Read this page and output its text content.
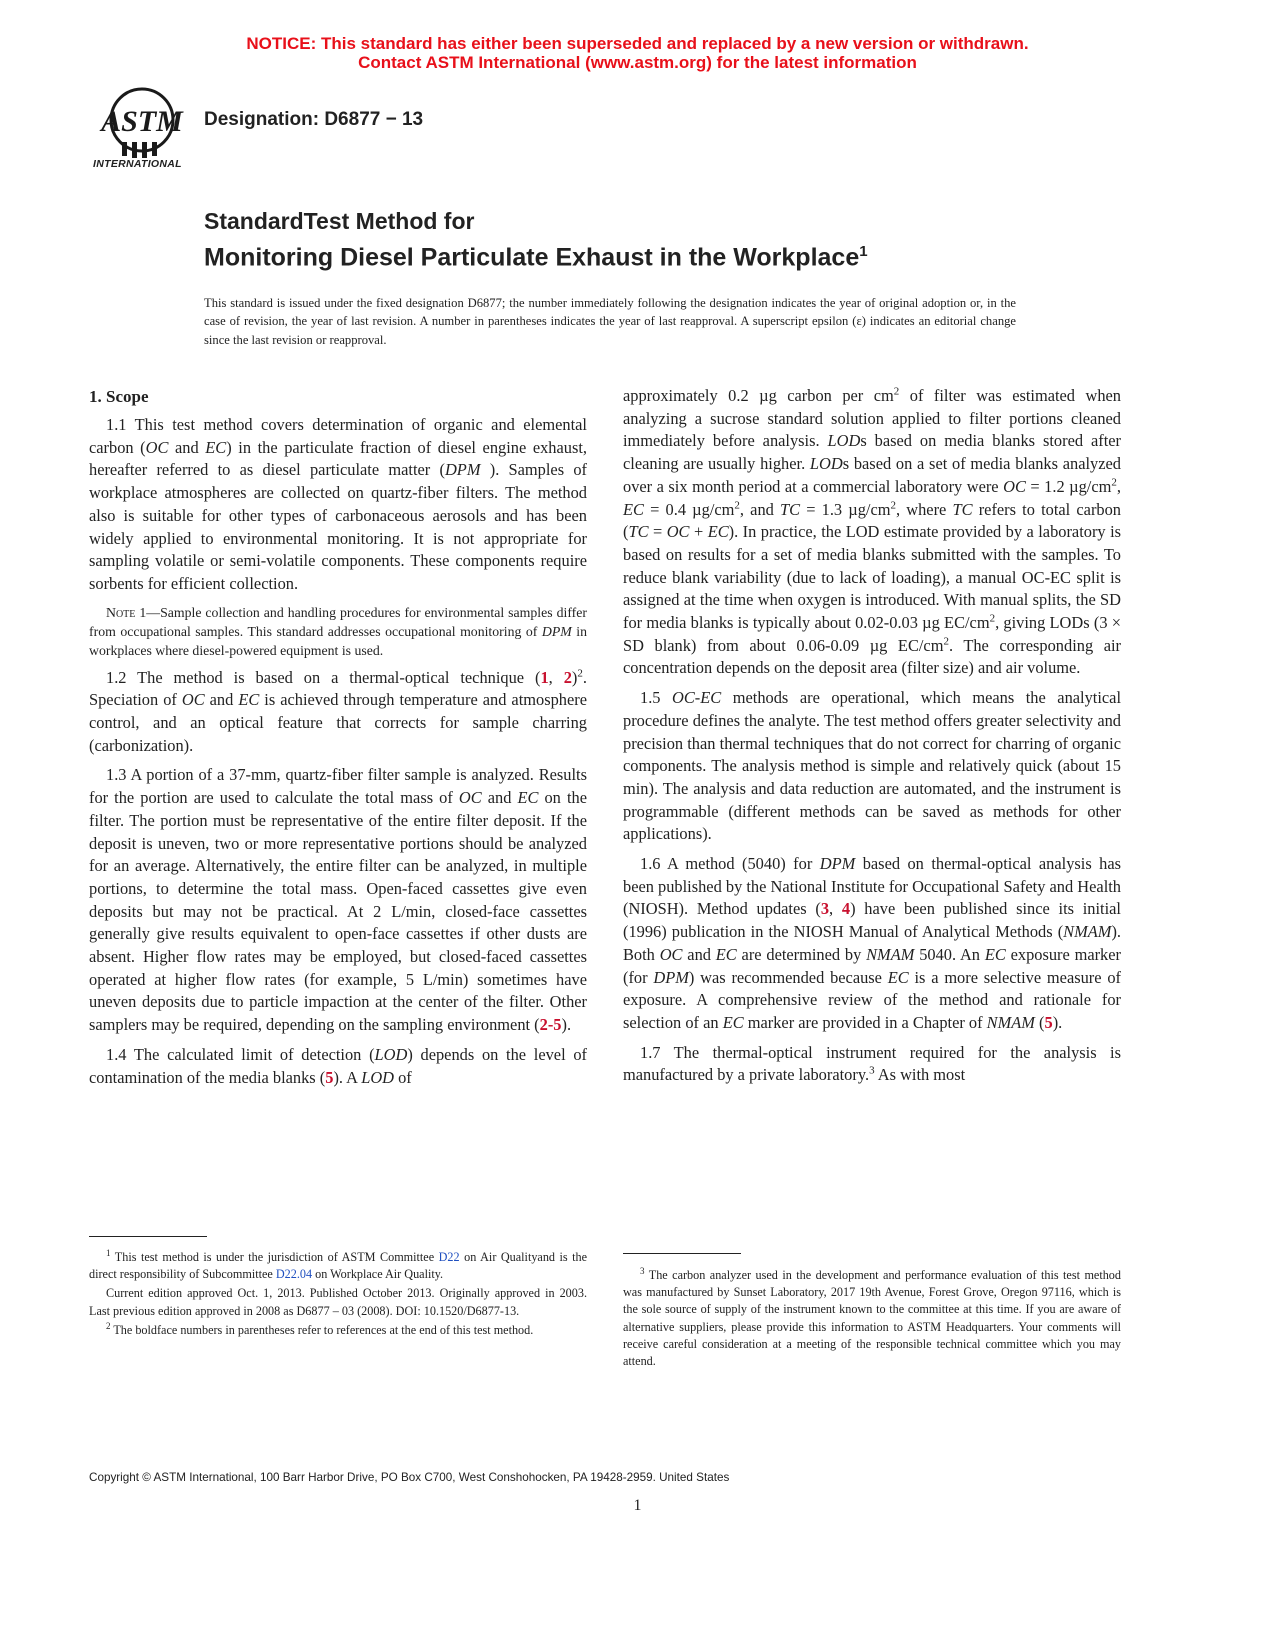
NOTICE: This standard has either been superseded and replaced by a new version or withdrawn.
Contact ASTM International (www.astm.org) for the latest information
ASTM
INTERNATIONAL
Designation: D6877 − 13
StandardTest Method for
Monitoring Diesel Particulate Exhaust in the Workplace$^1$
This standard is issued under the fixed designation D6877; the number immediately following the designation indicates the year of original adoption or, in the case of revision, the year of last revision. A number in parentheses indicates the year of last reapproval. A superscript epsilon (ε) indicates an editorial change since the last revision or reapproval.
1. Scope

1.1 This test method covers determination of organic and elemental carbon (OC and EC) in the particulate fraction of diesel engine exhaust, hereafter referred to as diesel particulate matter (DPM ). Samples of workplace atmospheres are collected on quartz-fiber filters. The method also is suitable for other types of carbonaceous aerosols and has been widely applied to environmental monitoring. It is not appropriate for sampling volatile or semi-volatile components. These components require sorbents for efficient collection.

Note 1—Sample collection and handling procedures for environmental samples differ from occupational samples. This standard addresses occupational monitoring of DPM in workplaces where diesel-powered equipment is used.

1.2 The method is based on a thermal-optical technique (1, 2)$^2$. Speciation of OC and EC is achieved through temperature and atmosphere control, and an optical feature that corrects for sample charring (carbonization).

1.3 A portion of a 37-mm, quartz-fiber filter sample is analyzed. Results for the portion are used to calculate the total mass of OC and EC on the filter. The portion must be representative of the entire filter deposit. If the deposit is uneven, two or more representative portions should be analyzed for an average. Alternatively, the entire filter can be analyzed, in multiple portions, to determine the total mass. Open-faced cassettes give even deposits but may not be practical. At 2 L/min, closed-face cassettes generally give results equivalent to open-face cassettes if other dusts are absent. Higher flow rates may be employed, but closed-faced cassettes operated at higher flow rates (for example, 5 L/min) sometimes have uneven deposits due to particle impaction at the center of the filter. Other samplers may be required, depending on the sampling environment (2-5).

1.4 The calculated limit of detection (LOD) depends on the level of contamination of the media blanks (5). A LOD of

approximately 0.2 µg carbon per $cm^2$ of filter was estimated when analyzing a sucrose standard solution applied to filter portions cleaned immediately before analysis. LODs based on media blanks stored after cleaning are usually higher. LODs based on a set of media blanks analyzed over a six month period at a commercial laboratory were OC = 1.2 $\mu g/cm^2$, EC = 0.4 $\mu g/cm^2$, and TC = 1.3 $\mu g/cm^2$, where TC refers to total carbon (TC = OC + EC). In practice, the LOD estimate provided by a laboratory is based on results for a set of media blanks submitted with the samples. To reduce blank variability (due to lack of loading), a manual OC-EC split is assigned at the time when oxygen is introduced. With manual splits, the SD for media blanks is typically about 0.02-0.03 µg $EC/cm^2$, giving LODs (3 × SD blank) from about 0.06-0.09 µg $EC/cm^2$. The corresponding air concentration depends on the deposit area (filter size) and air volume.

1.5 OC-EC methods are operational, which means the analytical procedure defines the analyte. The test method offers greater selectivity and precision than thermal techniques that do not correct for charring of organic components. The analysis method is simple and relatively quick (about 15 min). The analysis and data reduction are automated, and the instrument is programmable (different methods can be saved as methods for other applications).

1.6 A method (5040) for DPM based on thermal-optical analysis has been published by the National Institute for Occupational Safety and Health (NIOSH). Method updates (3, 4) have been published since its initial (1996) publication in the NIOSH Manual of Analytical Methods (NMAM). Both OC and EC are determined by NMAM 5040. An EC exposure marker (for DPM) was recommended because EC is a more selective measure of exposure. A comprehensive review of the method and rationale for selection of an EC marker are provided in a Chapter of NMAM (5).

1.7 The thermal-optical instrument required for the analysis is manufactured by a private laboratory.$^3$ As with most

$^1$ This test method is under the jurisdiction of ASTM Committee D22 on Air Qualityand is the direct responsibility of Subcommittee D22.04 on Workplace Air Quality.

Current edition approved Oct. 1, 2013. Published October 2013. Originally approved in 2003. Last previous edition approved in 2008 as D6877 – 03 (2008). DOI: 10.1520/D6877-13.

$^2$ The boldface numbers in parentheses refer to references at the end of this test method.

$^3$ The carbon analyzer used in the development and performance evaluation of this test method was manufactured by Sunset Laboratory, 2017 19th Avenue, Forest Grove, Oregon 97116, which is the sole source of supply of the instrument known to the committee at this time. If you are aware of alternative suppliers, please provide this information to ASTM Headquarters. Your comments will receive careful consideration at a meeting of the responsible technical committee which you may attend.

Copyright © ASTM International, 100 Barr Harbor Drive, PO Box C700, West Conshohocken, PA 19428-2959. United States
1
